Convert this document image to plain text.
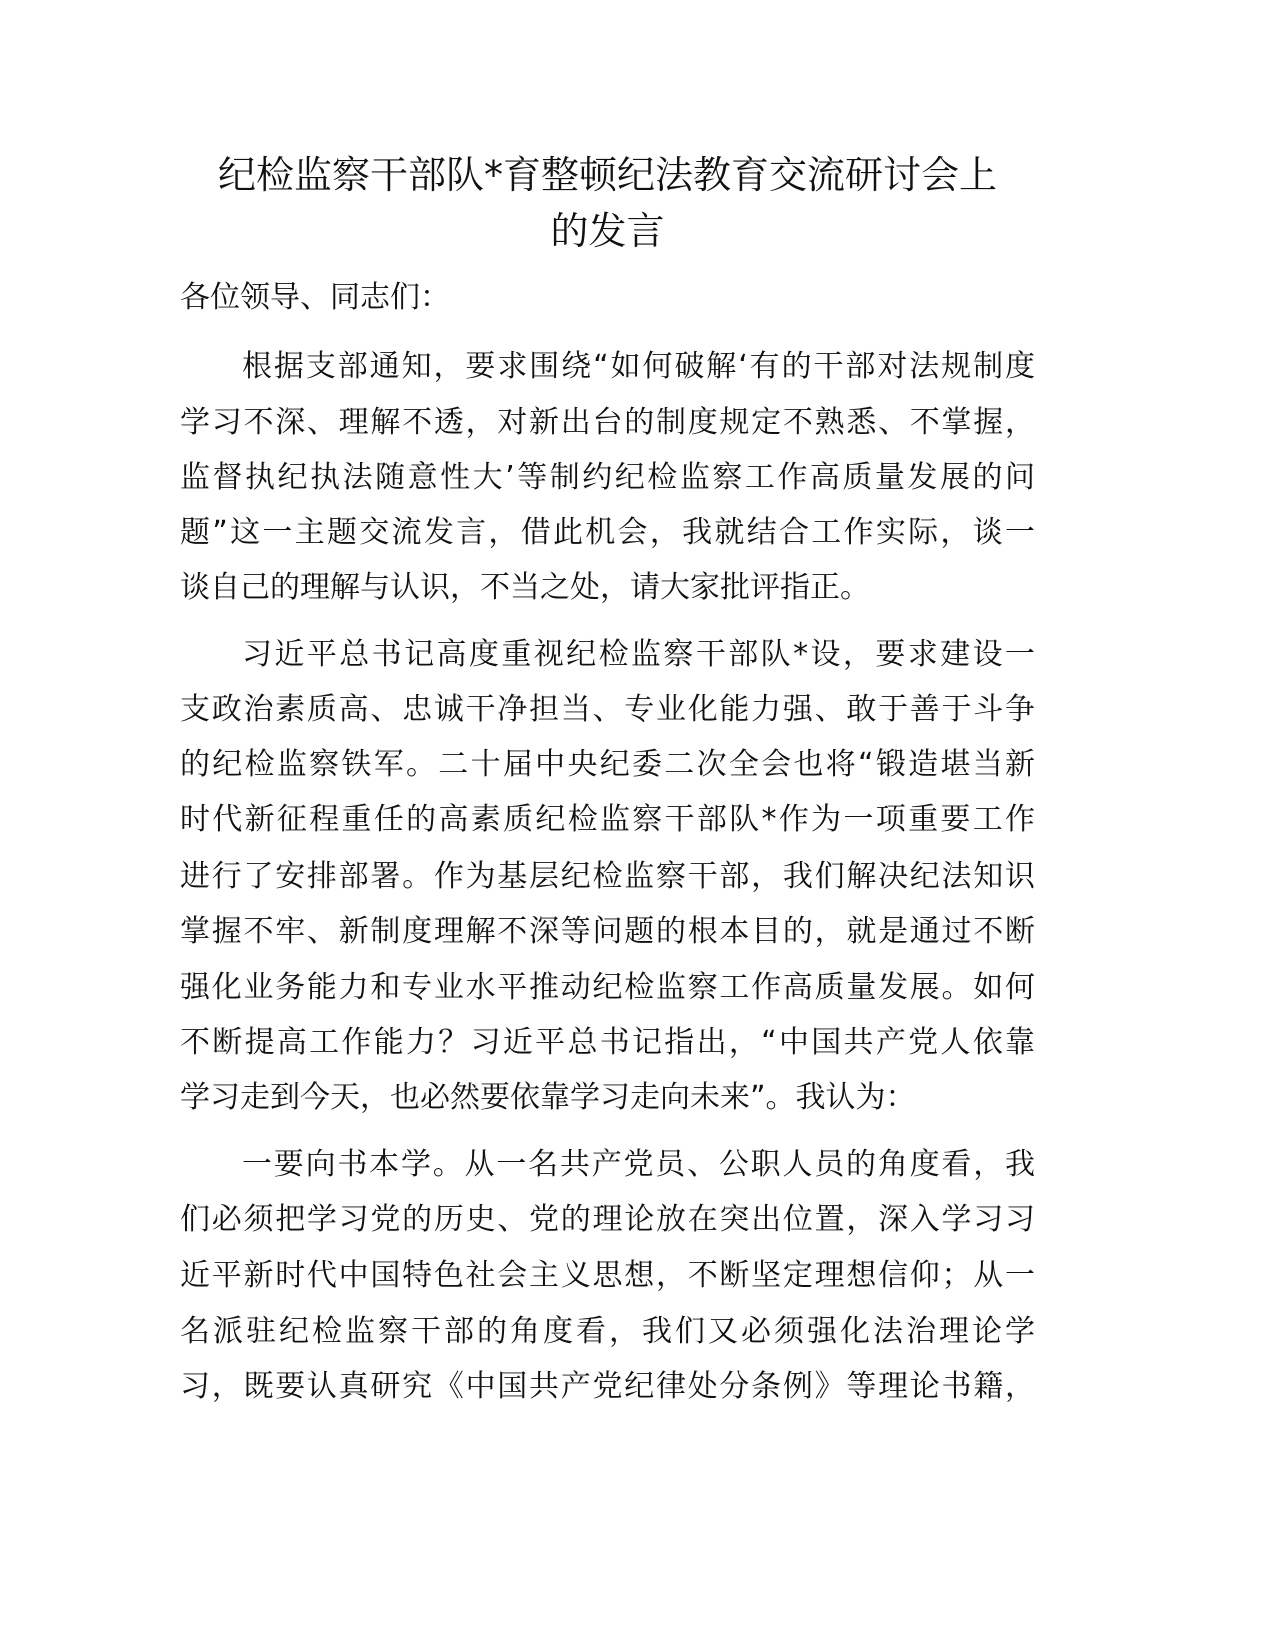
纪检监察干部队*育整顿纪法教育交流研讨会上
的发言
各位领导、同志们：
根据支部通知，要求围绕“如何破解‘有的干部对法规制度
学习不深、理解不透，对新出台的制度规定不熟悉、不掌握，
监督执纪执法随意性大’等制约纪检监察工作高质量发展的问
题”这一主题交流发言，借此机会，我就结合工作实际，谈一
谈自己的理解与认识，不当之处，请大家批评指正。
习近平总书记高度重视纪检监察干部队*设，要求建设一
支政治素质高、忠诚干净担当、专业化能力强、敢于善于斗争
的纪检监察铁军。二十届中央纪委二次全会也将“锻造堪当新
时代新征程重任的高素质纪检监察干部队*作为一项重要工作
进行了安排部署。作为基层纪检监察干部，我们解决纪法知识
掌握不牢、新制度理解不深等问题的根本目的，就是通过不断
强化业务能力和专业水平推动纪检监察工作高质量发展。如何
不断提高工作能力？习近平总书记指出，“中国共产党人依靠
学习走到今天，也必然要依靠学习走向未来”。我认为：
一要向书本学。从一名共产党员、公职人员的角度看，我
们必须把学习党的历史、党的理论放在突出位置，深入学习习
近平新时代中国特色社会主义思想，不断坚定理想信仰；从一
名派驻纪检监察干部的角度看，我们又必须强化法治理论学
习，既要认真研究《中国共产党纪律处分条例》等理论书籍，
